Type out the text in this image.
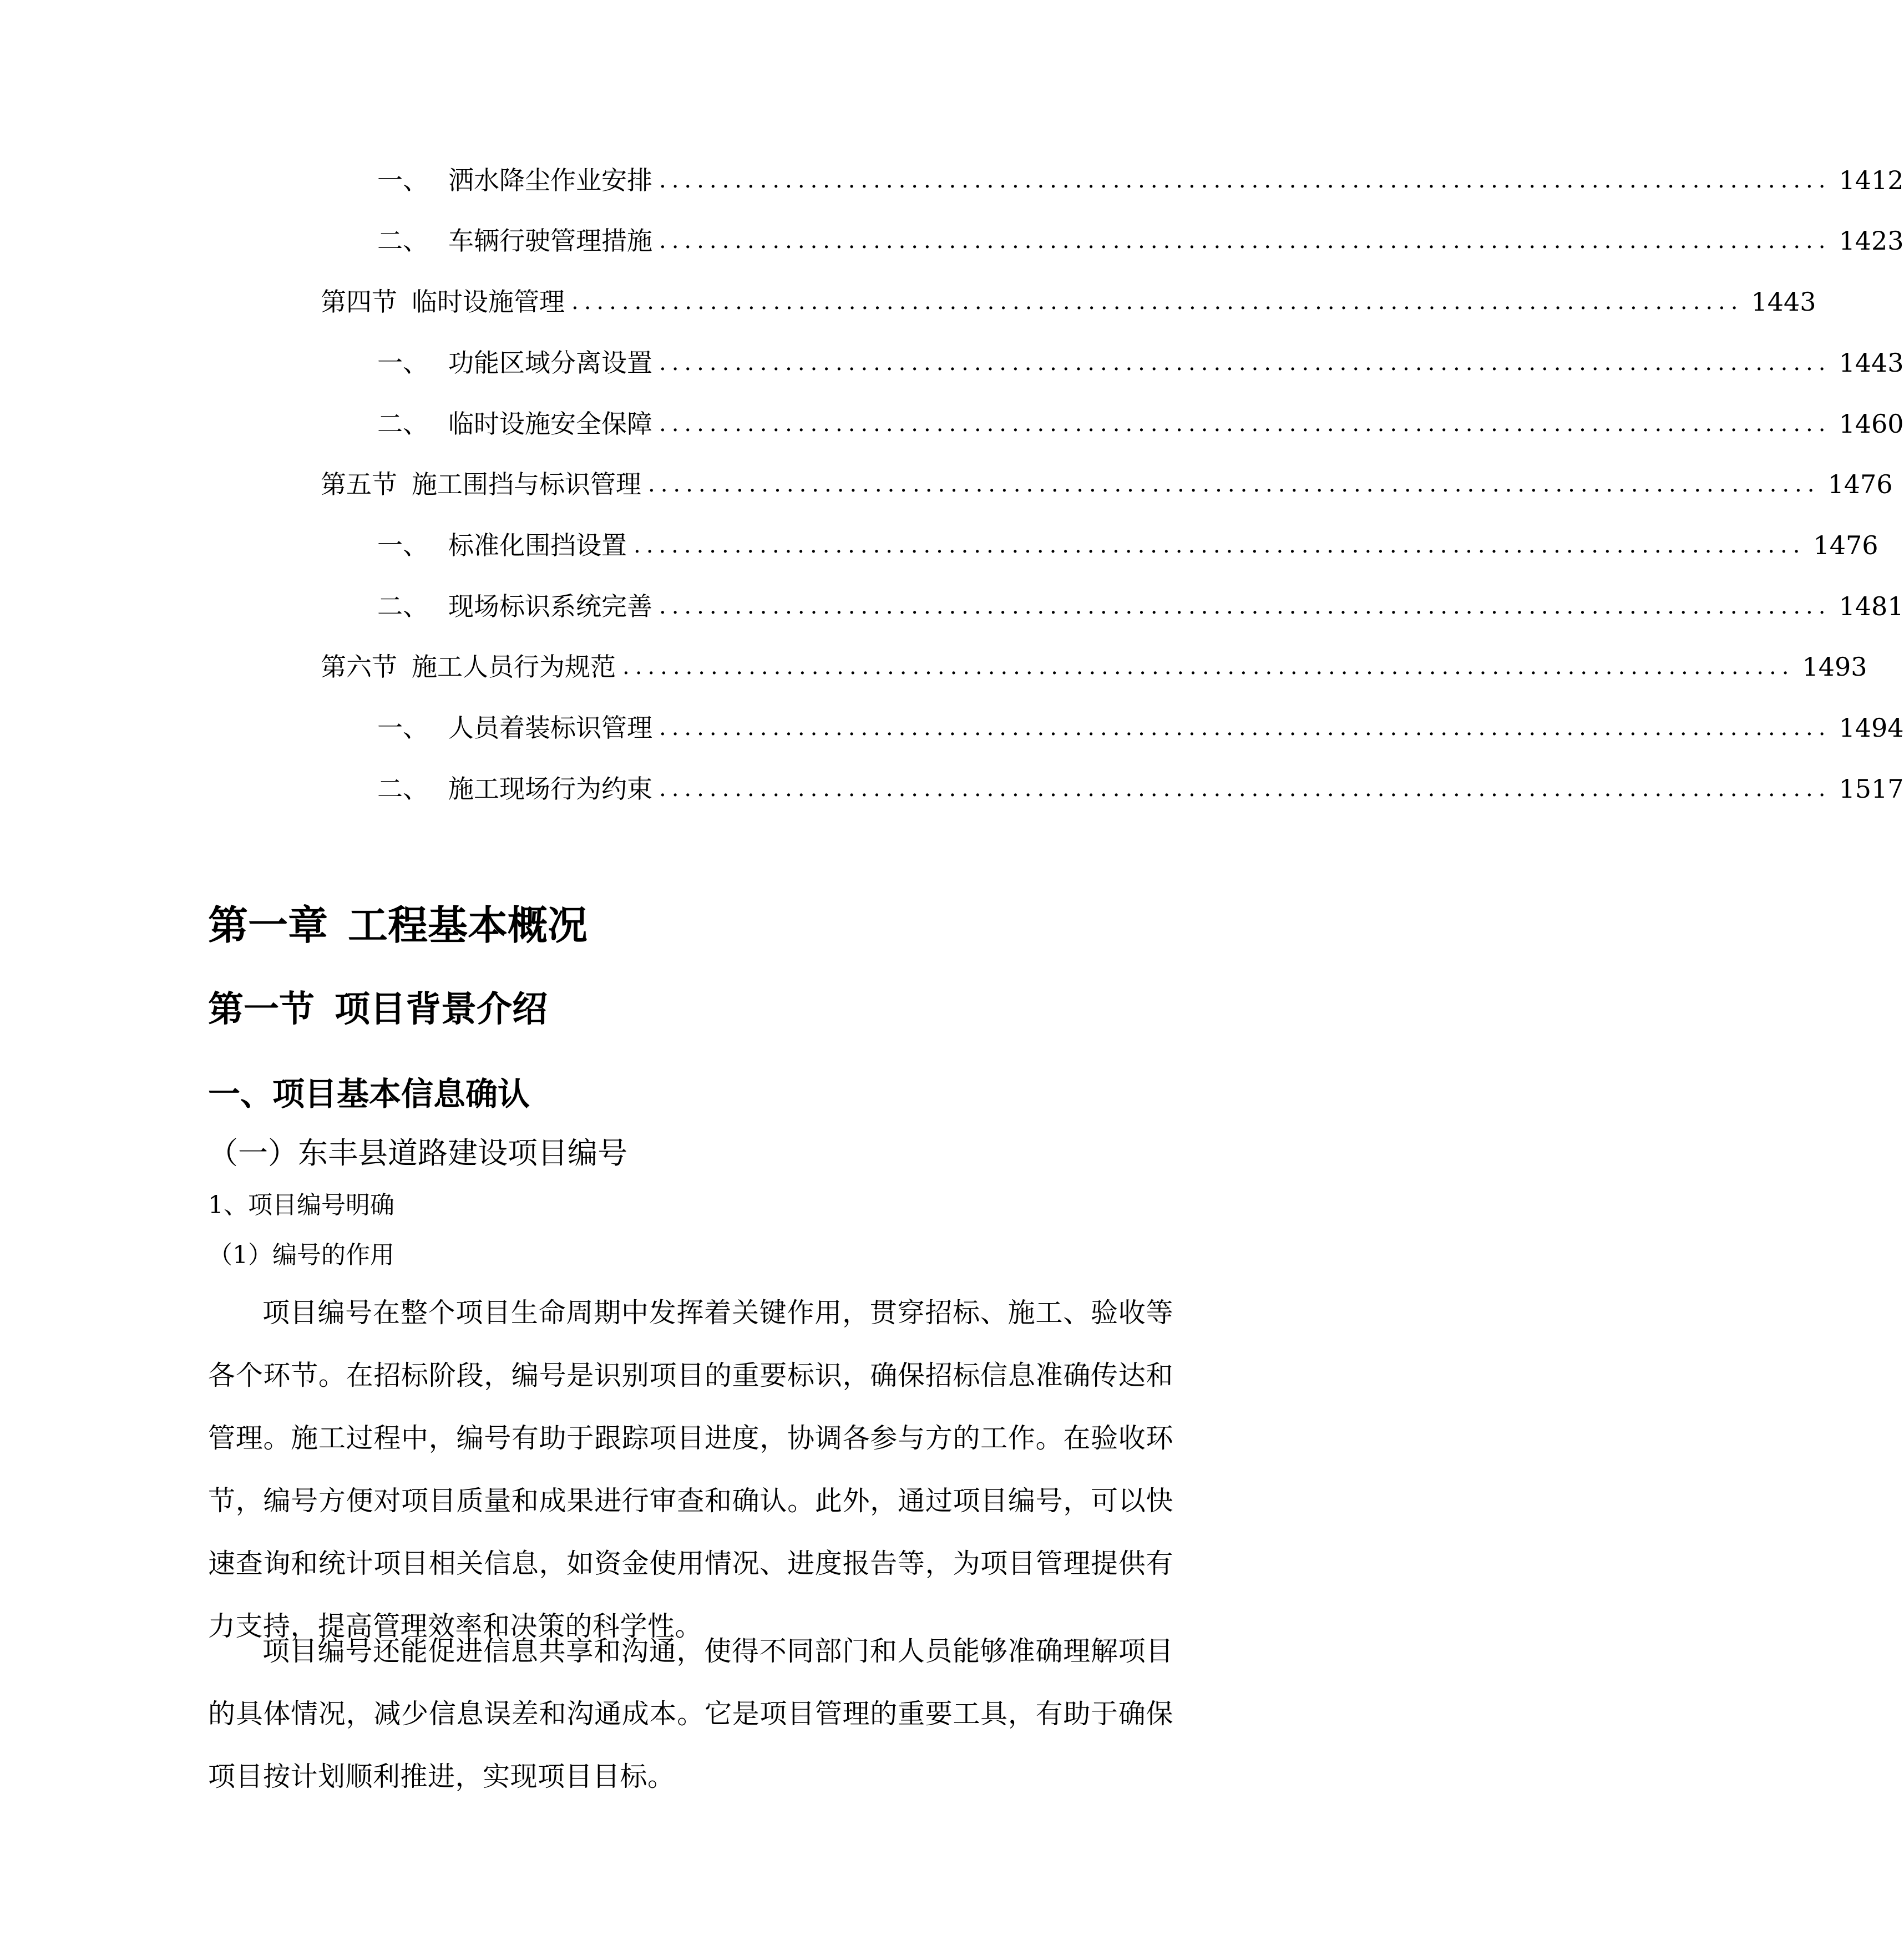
一、 洒水降尘作业安排 ............................................................................................. 1412
二、 车辆行驶管理措施 ............................................................................................. 1423
第四节 临时设施管理 ............................................................................................. 1443
一、 功能区域分离设置 ............................................................................................. 1443
二、 临时设施安全保障 ............................................................................................. 1460
第五节 施工围挡与标识管理 ............................................................................................. 1476
一、 标准化围挡设置 ............................................................................................. 1476
二、 现场标识系统完善 ............................................................................................. 1481
第六节 施工人员行为规范 ............................................................................................. 1493
一、 人员着装标识管理 ............................................................................................. 1494
二、 施工现场行为约束 ............................................................................................. 1517
第一章 工程基本概况
第一节 项目背景介绍
一、项目基本信息确认
（一）东丰县道路建设项目编号
1、项目编号明确
（1）编号的作用

项目编号在整个项目生命周期中发挥着关键作用，贯穿招标、施工、验收等各个环节。在招标阶段，编号是识别项目的重要标识，确保招标信息准确传达和管理。施工过程中，编号有助于跟踪项目进度，协调各参与方的工作。在验收环节，编号方便对项目质量和成果进行审查和确认。此外，通过项目编号，可以快速查询和统计项目相关信息，如资金使用情况、进度报告等，为项目管理提供有力支持，提高管理效率和决策的科学性。

项目编号还能促进信息共享和沟通，使得不同部门和人员能够准确理解项目的具体情况，减少信息误差和沟通成本。它是项目管理的重要工具，有助于确保项目按计划顺利推进，实现项目目标。
